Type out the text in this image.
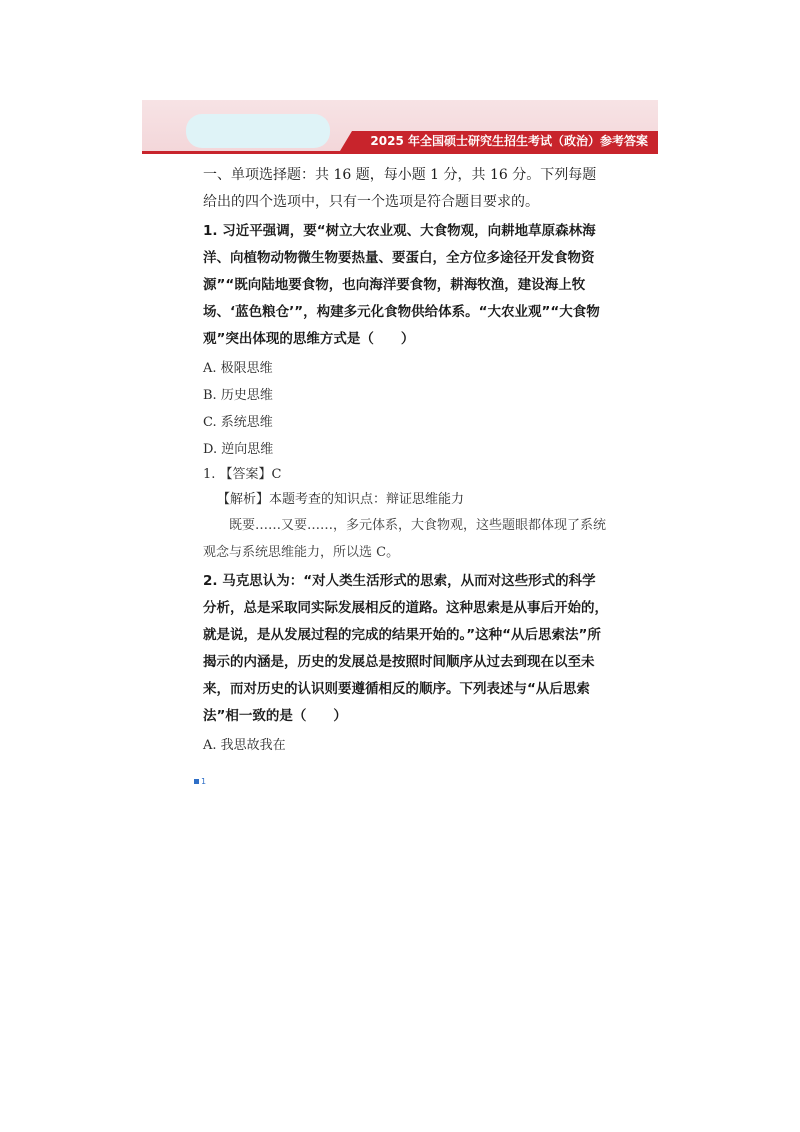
2025 年全国硕士研究生招生考试（政治）参考答案

一、单项选择题：共 16 题，每小题 1 分，共 16 分。下列每题给出的四个选项中，只有一个选项是符合题目要求的。

1. 习近平强调，要“树立大农业观、大食物观，向耕地草原森林海洋、向植物动物微生物要热量、要蛋白，全方位多途径开发食物资源”“既向陆地要食物，也向海洋要食物，耕海牧渔，建设海上牧场、‘蓝色粮仓’”，构建多元化食物供给体系。“大农业观”“大食物观”突出体现的思维方式是（　　）

A. 极限思维

B. 历史思维

C. 系统思维

D. 逆向思维

1. 【答案】C

【解析】本题考查的知识点：辩证思维能力

既要……又要……，多元体系，大食物观，这些题眼都体现了系统观念与系统思维能力，所以选 C。

2. 马克思认为：“对人类生活形式的思索，从而对这些形式的科学分析，总是采取同实际发展相反的道路。这种思索是从事后开始的，就是说，是从发展过程的完成的结果开始的。”这种“从后思索法”所揭示的内涵是，历史的发展总是按照时间顺序从过去到现在以至未来，而对历史的认识则要遵循相反的顺序。下列表述与“从后思索法”相一致的是（　　）

A. 我思故我在

1
